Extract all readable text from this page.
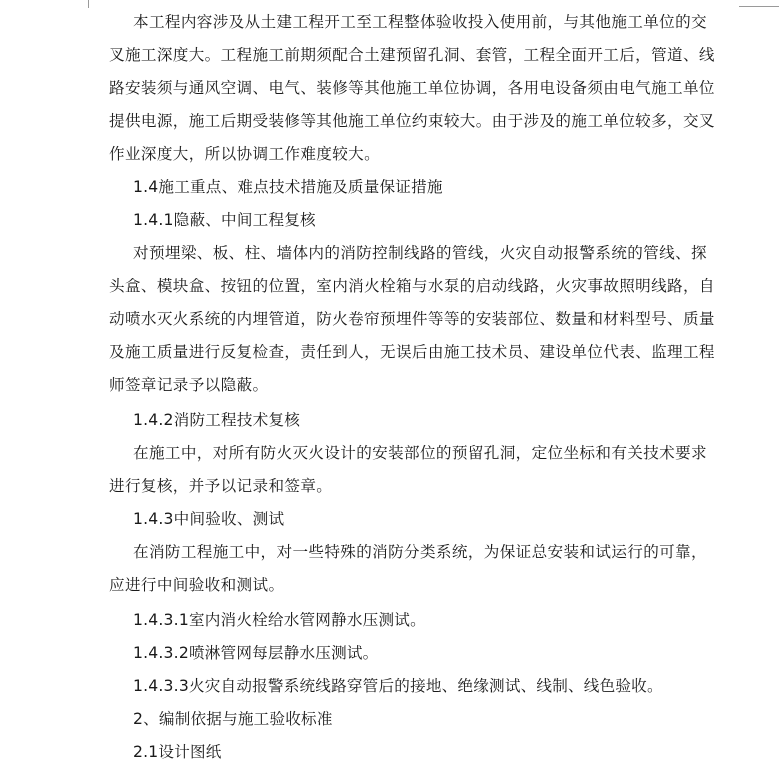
本工程内容涉及从土建工程开工至工程整体验收投入使用前，与其他施工单位的交
叉施工深度大。工程施工前期须配合土建预留孔洞、套管，工程全面开工后，管道、线
路安装须与通风空调、电气、装修等其他施工单位协调，各用电设备须由电气施工单位
提供电源，施工后期受装修等其他施工单位约束较大。由于涉及的施工单位较多，交叉
作业深度大，所以协调工作难度较大。
1.4施工重点、难点技术措施及质量保证措施
1.4.1隐蔽、中间工程复核
对预埋梁、板、柱、墙体内的消防控制线路的管线，火灾自动报警系统的管线、探
头盒、模块盒、按钮的位置，室内消火栓箱与水泵的启动线路，火灾事故照明线路，自
动喷水灭火系统的内埋管道，防火卷帘预埋件等等的安装部位、数量和材料型号、质量
及施工质量进行反复检查，责任到人，无误后由施工技术员、建设单位代表、监理工程
师签章记录予以隐蔽。
1.4.2消防工程技术复核
在施工中，对所有防火灭火设计的安装部位的预留孔洞，定位坐标和有关技术要求
进行复核，并予以记录和签章。
1.4.3中间验收、测试
在消防工程施工中，对一些特殊的消防分类系统，为保证总安装和试运行的可靠，
应进行中间验收和测试。
1.4.3.1室内消火栓给水管网静水压测试。
1.4.3.2喷淋管网每层静水压测试。
1.4.3.3火灾自动报警系统线路穿管后的接地、绝缘测试、线制、线色验收。
2、编制依据与施工验收标准
2.1设计图纸
